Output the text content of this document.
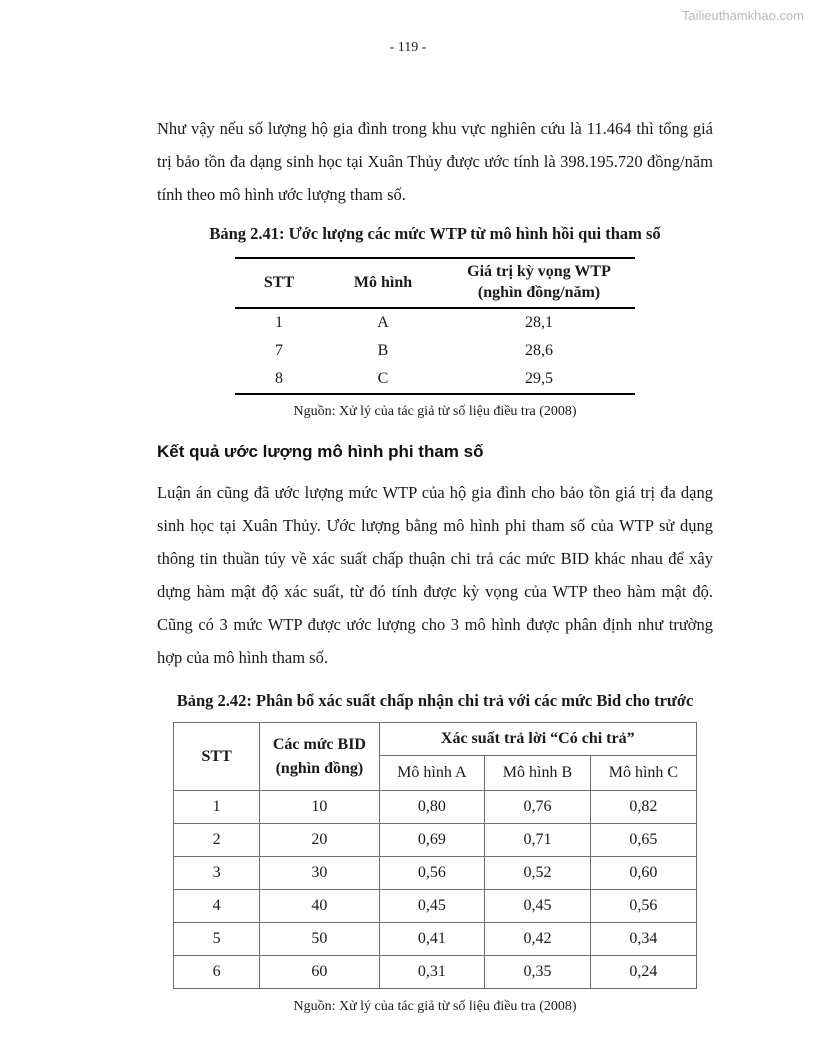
Tailieuthamkhao.com
- 119 -

Như vậy nếu số lượng hộ gia đình trong khu vực nghiên cứu là 11.464 thì tổng giá trị bảo tồn đa dạng sinh học tại Xuân Thủy được ước tính là 398.195.720 đồng/năm tính theo mô hình ước lượng tham số.

Bảng 2.41: Ước lượng các mức WTP từ mô hình hồi qui tham số
STT	Mô hình	Giá trị kỳ vọng WTP
(nghìn đồng/năm)

1	A	28,1
7	B	28,6
8	C	29,5
Nguồn: Xử lý của tác giả từ số liệu điều tra (2008)
Kết quả ước lượng mô hình phi tham số

Luận án cũng đã ước lượng mức WTP của hộ gia đình cho bảo tồn giá trị đa dạng sinh học tại Xuân Thủy. Ước lượng bằng mô hình phi tham số của WTP sử dụng thông tin thuần túy về xác suất chấp thuận chi trả các mức BID khác nhau để xây dựng hàm mật độ xác suất, từ đó tính được kỳ vọng của WTP theo hàm mật độ. Cũng có 3 mức WTP được ước lượng cho 3 mô hình được phân định như trường hợp của mô hình tham số.

Bảng 2.42: Phân bổ xác suất chấp nhận chi trả với các mức Bid cho trước
STT	Các mức BID
(nghìn đồng)	Xác suất trả lời “Có chi trả”		
		Mô hình A	Mô hình B	Mô hình C
1	10	0,80	0,76	0,82
2	20	0,69	0,71	0,65
3	30	0,56	0,52	0,60
4	40	0,45	0,45	0,56
5	50	0,41	0,42	0,34
6	60	0,31	0,35	0,24
Nguồn: Xử lý của tác giả từ số liệu điều tra (2008)
